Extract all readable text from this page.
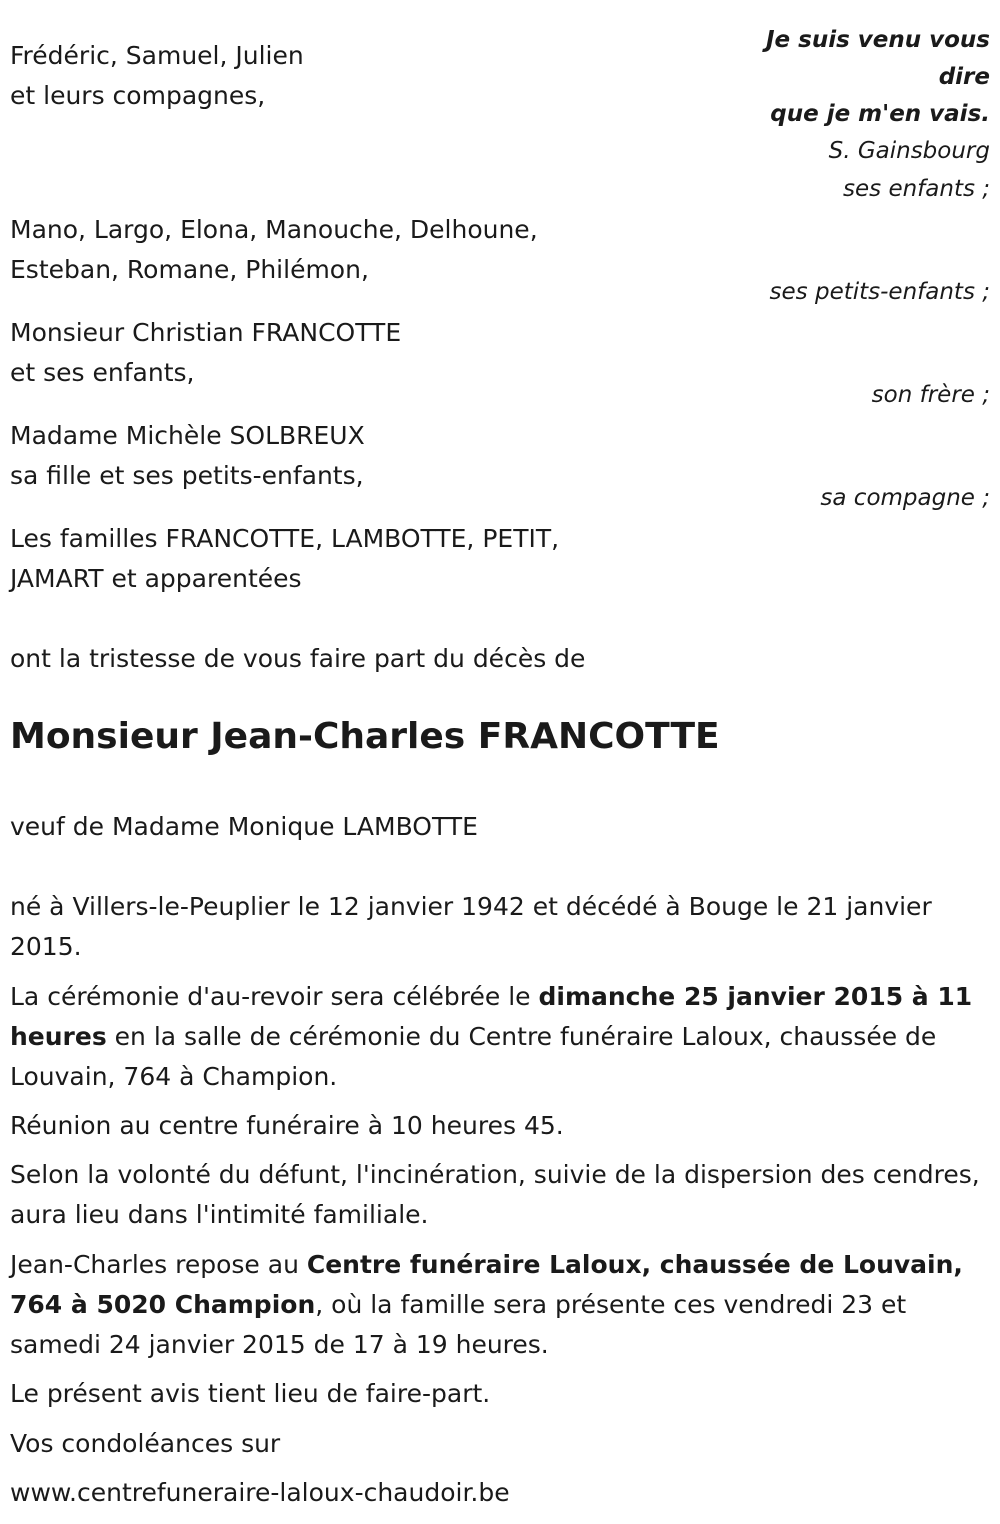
Je suis venu vous
dire
que je m'en vais.
S. Gainsbourg
Frédéric, Samuel, Julien
et leurs compagnes,
ses enfants ;
Mano, Largo, Elona, Manouche, Delhoune,
Esteban, Romane, Philémon,
ses petits-enfants ;
Monsieur Christian FRANCOTTE
et ses enfants,
son frère ;
Madame Michèle SOLBREUX
sa fille et ses petits-enfants,
sa compagne ;
Les familles FRANCOTTE, LAMBOTTE, PETIT,
JAMART et apparentées
ont la tristesse de vous faire part du décès de
Monsieur Jean-Charles FRANCOTTE
veuf de Madame Monique LAMBOTTE
né à Villers-le-Peuplier le 12 janvier 1942 et décédé à Bouge le 21 janvier 2015.
La cérémonie d'au-revoir sera célébrée le dimanche 25 janvier 2015 à 11 heures en la salle de cérémonie du Centre funéraire Laloux, chaussée de Louvain, 764 à Champion.
Réunion au centre funéraire à 10 heures 45.
Selon la volonté du défunt, l'incinération, suivie de la dispersion des cendres, aura lieu dans l'intimité familiale.
Jean-Charles repose au Centre funéraire Laloux, chaussée de Louvain, 764 à 5020 Champion, où la famille sera présente ces vendredi 23 et samedi 24 janvier 2015 de 17 à 19 heures.
Le présent avis tient lieu de faire-part.
Vos condoléances sur
www.centrefuneraire-laloux-chaudoir.be
